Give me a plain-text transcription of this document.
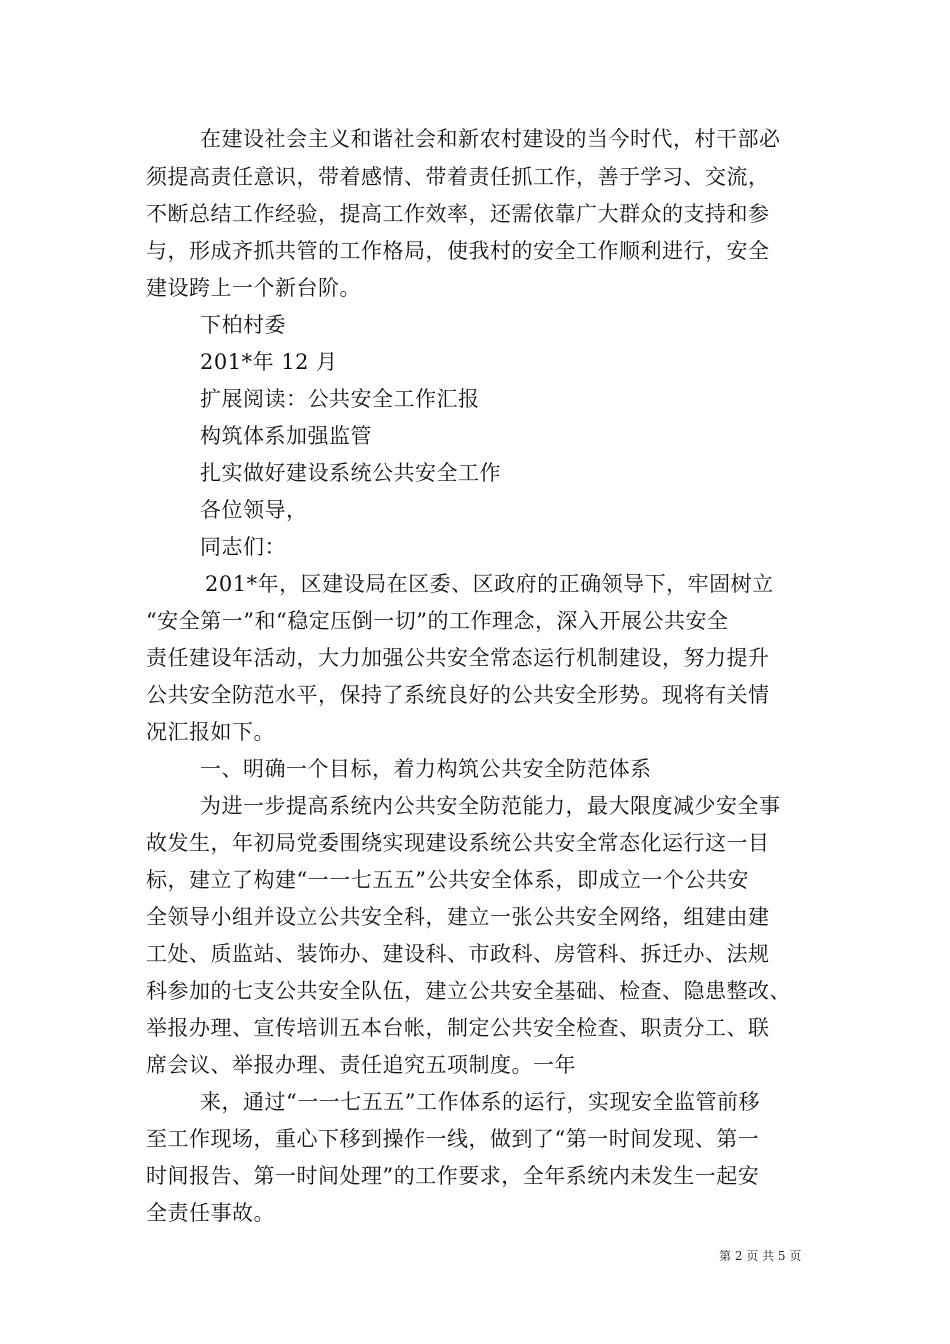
在建设社会主义和谐社会和新农村建设的当今时代，村干部必
须提高责任意识，带着感情、带着责任抓工作，善于学习、交流，
不断总结工作经验，提高工作效率，还需依靠广大群众的支持和参
与，形成齐抓共管的工作格局，使我村的安全工作顺利进行，安全
建设跨上一个新台阶。
下柏村委
201*年 12 月
扩展阅读：公共安全工作汇报
构筑体系加强监管
扎实做好建设系统公共安全工作
各位领导，
同志们：
201*年，区建设局在区委、区政府的正确领导下，牢固树立
“安全第一”和“稳定压倒一切”的工作理念，深入开展公共安全
责任建设年活动，大力加强公共安全常态运行机制建设，努力提升
公共安全防范水平，保持了系统良好的公共安全形势。现将有关情
况汇报如下。
一、明确一个目标，着力构筑公共安全防范体系
为进一步提高系统内公共安全防范能力，最大限度减少安全事
故发生，年初局党委围绕实现建设系统公共安全常态化运行这一目
标，建立了构建“一一七五五”公共安全体系，即成立一个公共安
全领导小组并设立公共安全科，建立一张公共安全网络，组建由建
工处、质监站、装饰办、建设科、市政科、房管科、拆迁办、法规
科参加的七支公共安全队伍，建立公共安全基础、检查、隐患整改、
举报办理、宣传培训五本台帐，制定公共安全检查、职责分工、联
席会议、举报办理、责任追究五项制度。一年
来，通过“一一七五五”工作体系的运行，实现安全监管前移
至工作现场，重心下移到操作一线，做到了“第一时间发现、第一
时间报告、第一时间处理”的工作要求，全年系统内未发生一起安
全责任事故。
第 2 页 共 5 页
